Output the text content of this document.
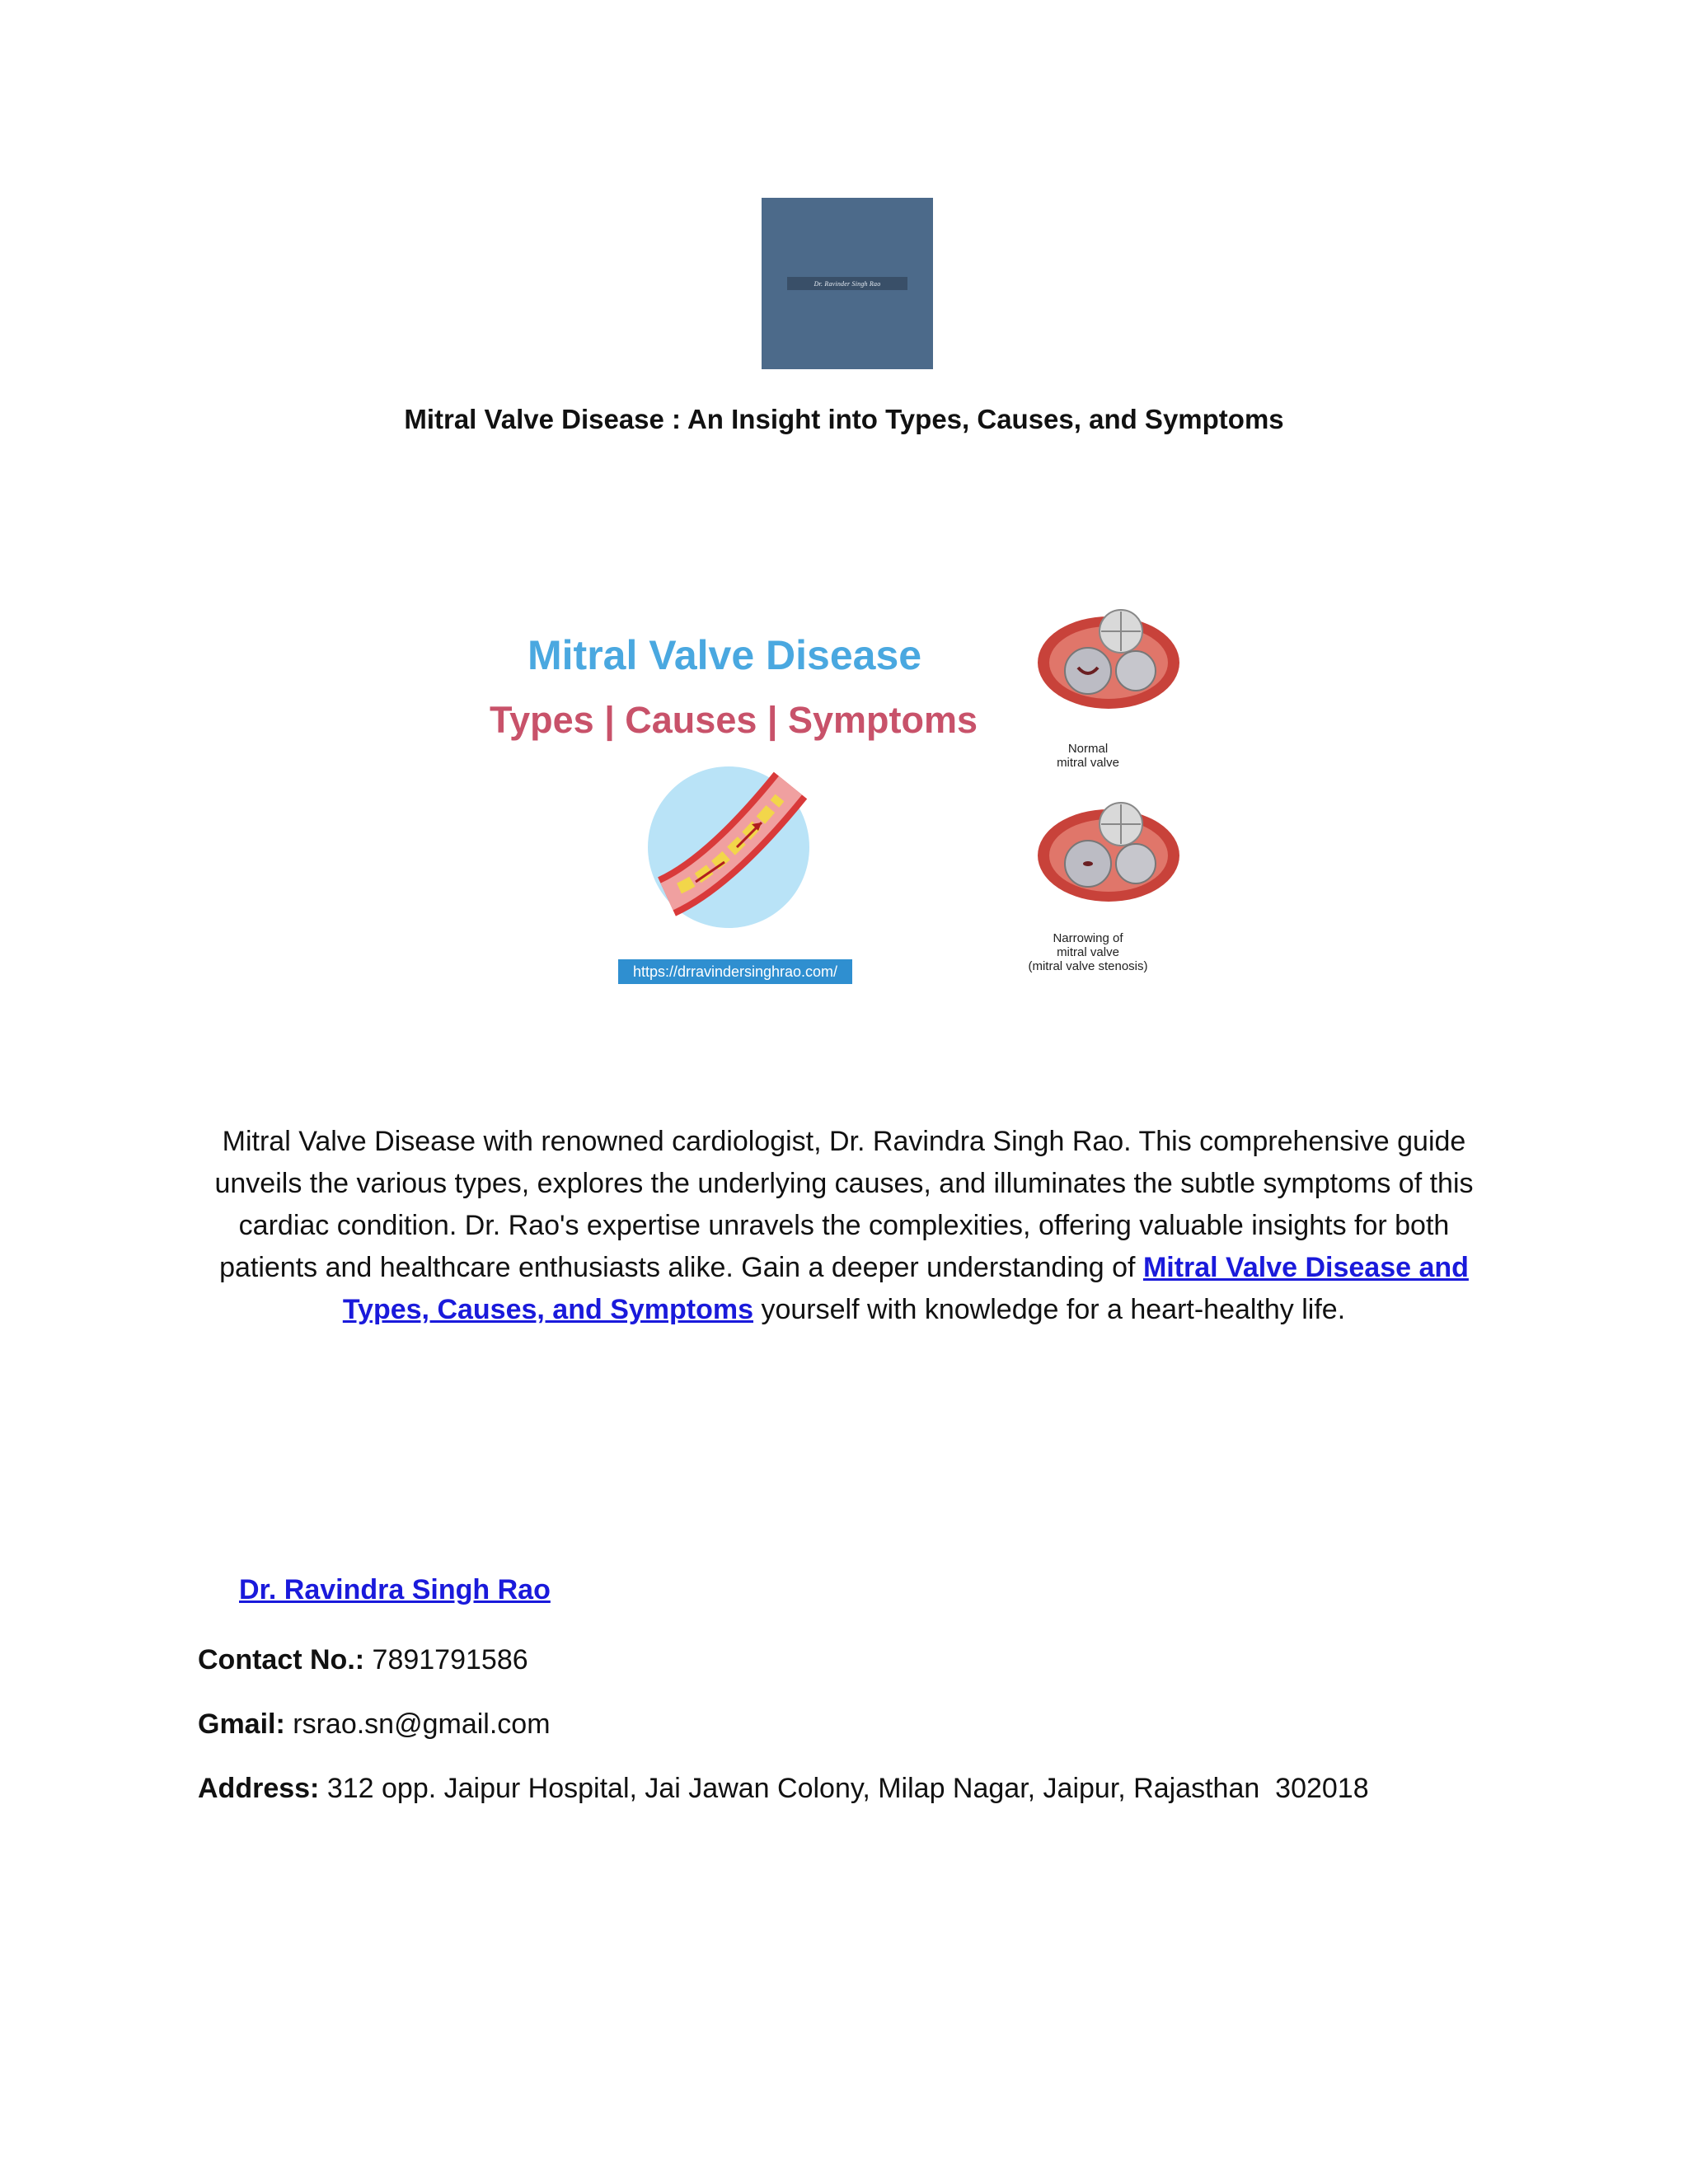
Dr. Ravinder Singh Rao
Mitral Valve Disease : An Insight into Types, Causes, and Symptoms
Mitral Valve Disease
Types | Causes | Symptoms
https://drravindersinghrao.com/
Normal
mitral valve
Narrowing of
mitral valve
(mitral valve stenosis)
Mitral Valve Disease with renowned cardiologist, Dr. Ravindra Singh Rao. This comprehensive guide unveils the various types, explores the underlying causes, and illuminates the subtle symptoms of this cardiac condition. Dr. Rao's expertise unravels the complexities, offering valuable insights for both patients and healthcare enthusiasts alike. Gain a deeper understanding of Mitral Valve Disease and Types, Causes, and Symptoms yourself with knowledge for a heart-healthy life.
Dr. Ravindra Singh Rao
Contact No.: 7891791586
Gmail: rsrao.sn@gmail.com
Address: 312 opp. Jaipur Hospital, Jai Jawan Colony, Milap Nagar, Jaipur, Rajasthan  302018
